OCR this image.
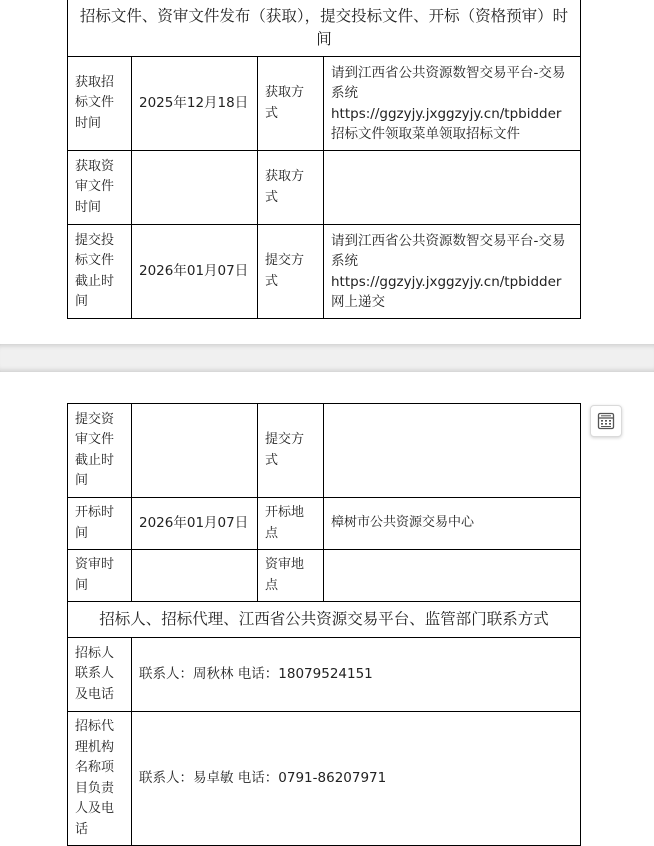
招标文件、资审文件发布（获取），提交投标文件、开标（资格预审）时间			
获取招标文件时间	2025年12月18日	获取方式	请到江西省公共资源数智交易平台-交易系统
https://ggzyjy.jxggzyjy.cn/tpbidder
招标文件领取菜单领取招标文件

获取资审文件时间		获取方式	
提交投标文件截止时间	2026年01月07日	提交方式	请到江西省公共资源数智交易平台-交易系统
https://ggzyjy.jxggzyjy.cn/tpbidder
网上递交
提交资审文件截止时间		提交方式	
开标时间	2026年01月07日	开标地点	樟树市公共资源交易中心
资审时间		资审地点	
招标人、招标代理、江西省公共资源交易平台、监管部门联系方式			
招标人联系人及电话	联系人：周秋林 电话：18079524151		
招标代理机构名称项目负责人及电话	联系人：易卓敏 电话：0791-86207971		
